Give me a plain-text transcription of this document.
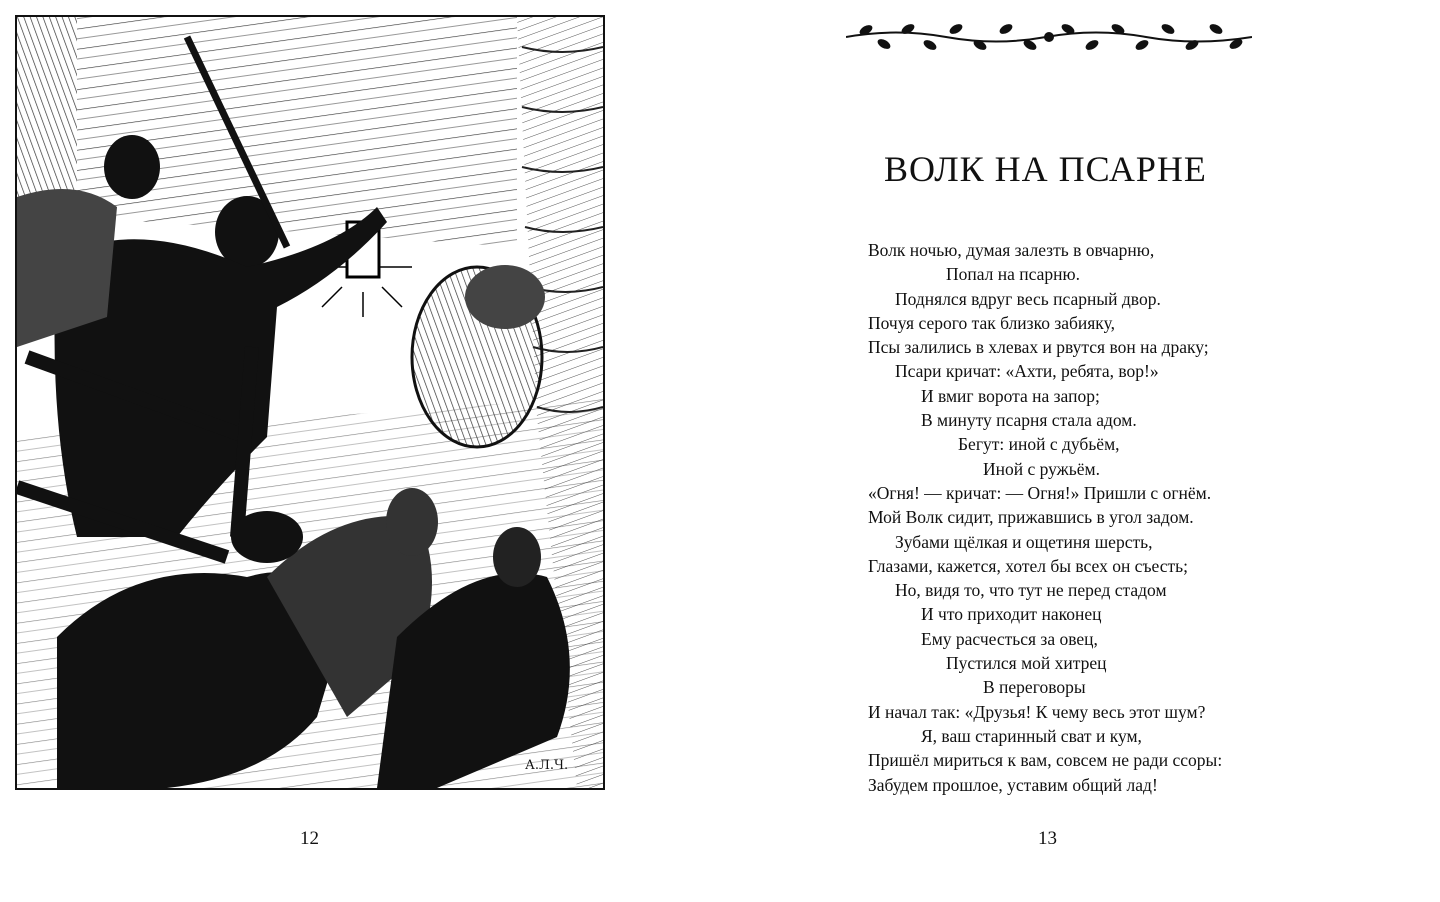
А.Л.Ч.
12
ВОЛК НА ПСАРНЕ
Волк ночью, думая залезть в овчарню,
Попал на псарню.
Поднялся вдруг весь псарный двор.
Почуя серого так близко забияку,
Псы залились в хлевах и рвутся вон на драку;
Псари кричат: «Ахти, ребята, вор!»
И вмиг ворота на запор;
В минуту псарня стала адом.
Бегут: иной с дубьём,
Иной с ружьём.
«Огня! — кричат: — Огня!» Пришли с огнём.
Мой Волк сидит, прижавшись в угол задом.
Зубами щёлкая и ощетиня шерсть,
Глазами, кажется, хотел бы всех он съесть;
Но, видя то, что тут не перед стадом
И что приходит наконец
Ему расчесться за овец,
Пустился мой хитрец
В переговоры
И начал так: «Друзья! К чему весь этот шум?
Я, ваш старинный сват и кум,
Пришёл мириться к вам, совсем не ради ссоры:
Забудем прошлое, уставим общий лад!
13
